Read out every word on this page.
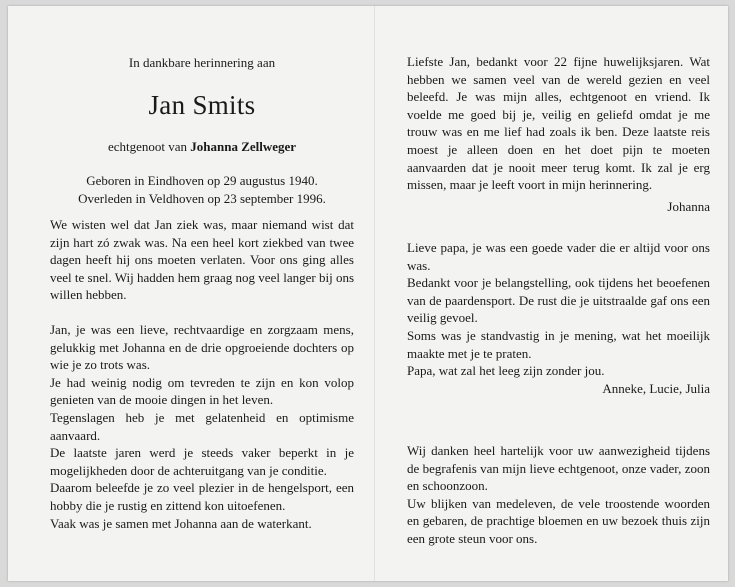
In dankbare herinnering aan
Jan Smits
echtgenoot van Johanna Zellweger
Geboren in Eindhoven op 29 augustus 1940.
Overleden in Veldhoven op 23 september 1996.

We wisten wel dat Jan ziek was, maar niemand wist dat zijn hart zó zwak was. Na een heel kort ziekbed van twee dagen heeft hij ons moeten verlaten. Voor ons ging alles veel te snel. Wij hadden hem graag nog veel langer bij ons willen hebben.

Jan, je was een lieve, rechtvaardige en zorgzaam mens, gelukkig met Johanna en de drie opgroeiende dochters op wie je zo trots was.

Je had weinig nodig om tevreden te zijn en kon volop genieten van de mooie dingen in het leven.

Tegenslagen heb je met gelatenheid en optimisme aanvaard.

De laatste jaren werd je steeds vaker beperkt in je mogelijkheden door de achteruitgang van je conditie.

Daarom beleefde je zo veel plezier in de hengelsport, een hobby die je rustig en zittend kon uitoefenen.

Vaak was je samen met Johanna aan de waterkant.

Liefste Jan, bedankt voor 22 fijne huwelijksjaren. Wat hebben we samen veel van de wereld gezien en veel beleefd. Je was mijn alles, echtgenoot en vriend. Ik voelde me goed bij je, veilig en geliefd omdat je me trouw was en me lief had zoals ik ben. Deze laatste reis moest je alleen doen en het doet pijn te moeten aanvaarden dat je nooit meer terug komt. Ik zal je erg missen, maar je leeft voort in mijn herinnering.

Johanna

Lieve papa, je was een goede vader die er altijd voor ons was.

Bedankt voor je belangstelling, ook tijdens het beoefenen van de paardensport. De rust die je uitstraalde gaf ons een veilig gevoel.

Soms was je standvastig in je mening, wat het moeilijk maakte met je te praten.

Papa, wat zal het leeg zijn zonder jou.

Anneke, Lucie, Julia

Wij danken heel hartelijk voor uw aanwezigheid tijdens de begrafenis van mijn lieve echtgenoot, onze vader, zoon en schoonzoon.

Uw blijken van medeleven, de vele troostende woorden en gebaren, de prachtige bloemen en uw bezoek thuis zijn een grote steun voor ons.
